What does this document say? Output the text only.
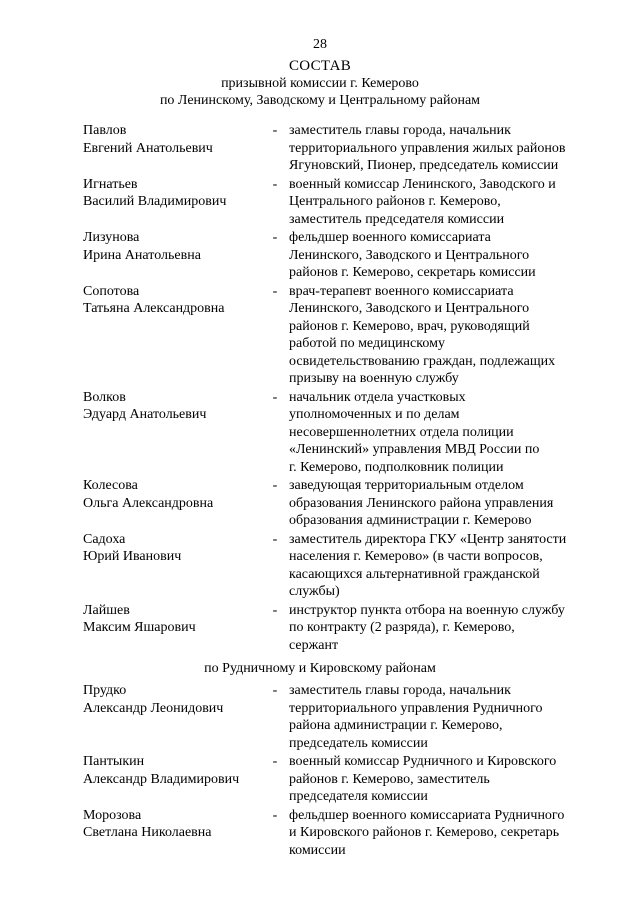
28
СОСТАВ
призывной комиссии г. Кемерово
по Ленинскому, Заводскому и Центральному районам
Павлов
Евгений Анатольевич
- заместитель главы города, начальник
территориального управления жилых районов
Ягуновский, Пионер, председатель комиссии
Игнатьев
Василий Владимирович
- военный комиссар Ленинского, Заводского и
Центрального районов г. Кемерово,
заместитель председателя комиссии
Лизунова
Ирина Анатольевна
- фельдшер военного комиссариата
Ленинского, Заводского и Центрального
районов г. Кемерово, секретарь комиссии
Сопотова
Татьяна Александровна
- врач-терапевт военного комиссариата
Ленинского, Заводского и Центрального
районов г. Кемерово, врач, руководящий
работой по медицинскому
освидетельствованию граждан, подлежащих
призыву на военную службу
Волков
Эдуард Анатольевич
- начальник отдела участковых
уполномоченных и по делам
несовершеннолетних отдела полиции
«Ленинский» управления МВД России по
г. Кемерово, подполковник полиции
Колесова
Ольга Александровна
- заведующая территориальным отделом
образования Ленинского района управления
образования администрации г. Кемерово
Садоха
Юрий Иванович
- заместитель директора ГКУ «Центр занятости
населения г. Кемерово» (в части вопросов,
касающихся альтернативной гражданской
службы)
Лайшев
Максим Яшарович
- инструктор пункта отбора на военную службу
по контракту (2 разряда), г. Кемерово,
сержант
по Рудничному и Кировскому районам
Прудко
Александр Леонидович
- заместитель главы города, начальник
территориального управления Рудничного
района администрации г. Кемерово,
председатель комиссии
Пантыкин
Александр Владимирович
- военный комиссар Рудничного и Кировского
районов г. Кемерово, заместитель
председателя комиссии
Морозова
Светлана Николаевна
- фельдшер военного комиссариата Рудничного
и Кировского районов г. Кемерово, секретарь
комиссии
